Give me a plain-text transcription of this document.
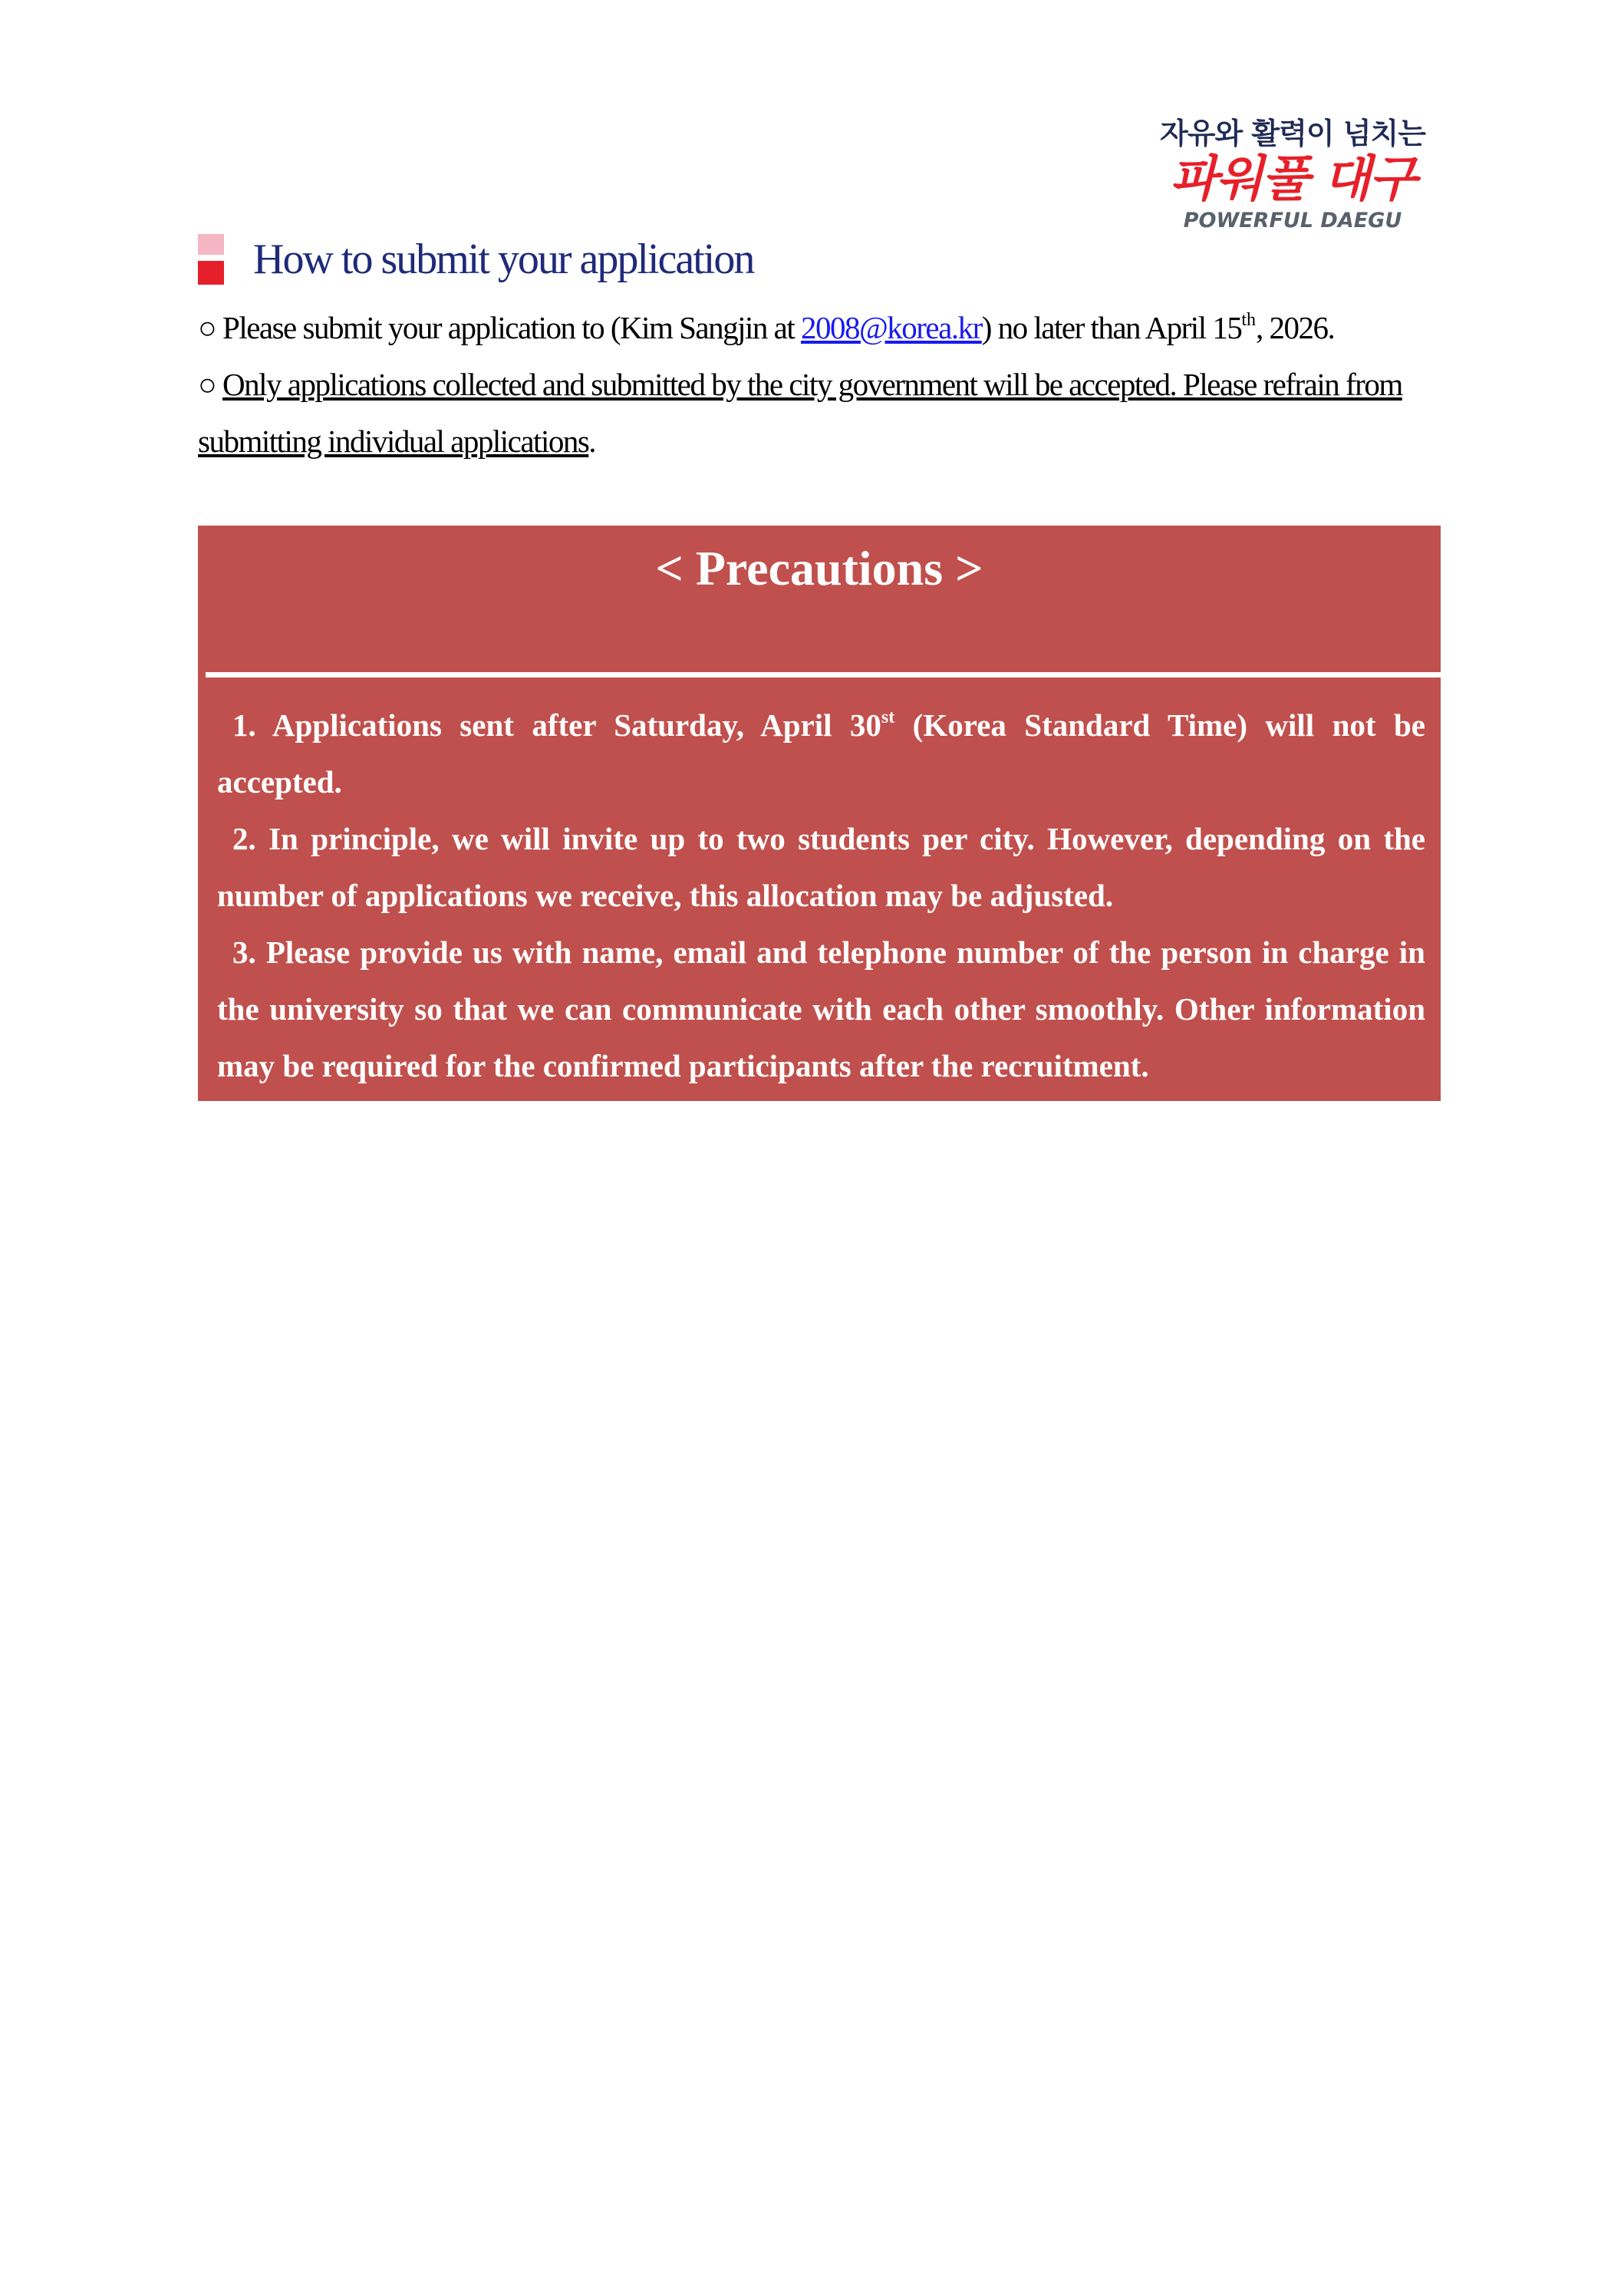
자유와 활력이 넘치는
파워풀 대구
POWERFUL DAEGU
How to submit your application
○ Please submit your application to (Kim Sangjin at 2008@korea.kr) no later than April 15th, 2026.
○ Only applications collected and submitted by the city government will be accepted. Please refrain from submitting individual applications.
< Precautions >

1. Applications sent after Saturday, April 30st (Korea Standard Time) will not be accepted.

2. In principle, we will invite up to two students per city. However, depending on the number of applications we receive, this allocation may be adjusted.

3. Please provide us with name, email and telephone number of the person in charge in the university so that we can communicate with each other smoothly. Other information may be required for the confirmed participants after the recruitment.
